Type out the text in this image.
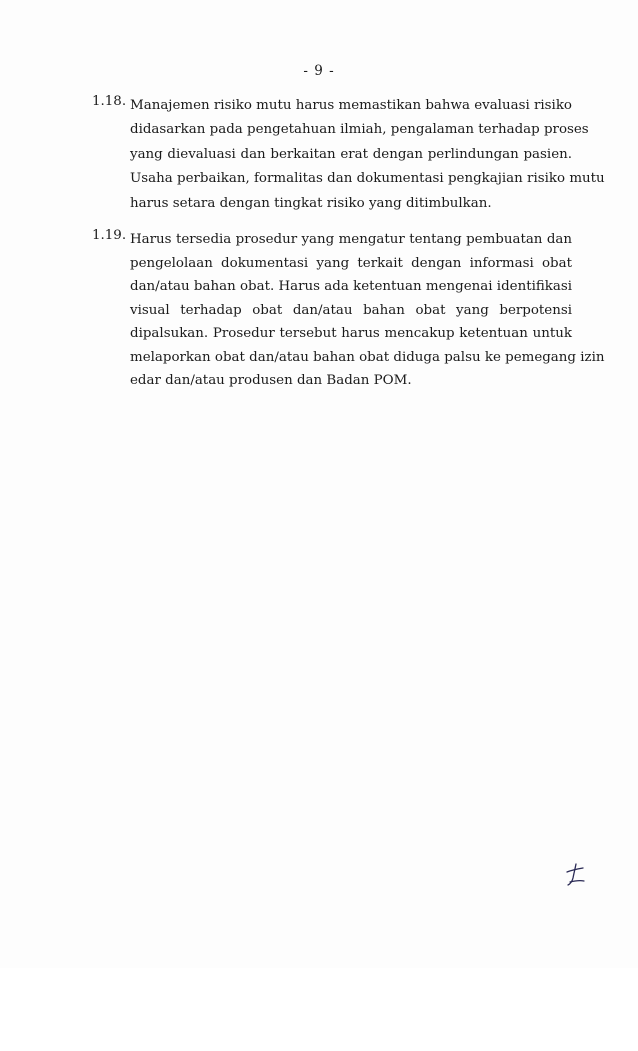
- 9 -
1.18. Manajemen risiko mutu harus memastikan bahwa evaluasi risiko
didasarkan pada pengetahuan ilmiah, pengalaman terhadap proses
yang dievaluasi dan berkaitan erat dengan perlindungan pasien.
Usaha perbaikan, formalitas dan dokumentasi pengkajian risiko mutu
harus setara dengan tingkat risiko yang ditimbulkan.
1.19. Harus tersedia prosedur yang mengatur tentang pembuatan dan
pengelolaan dokumentasi yang terkait dengan informasi obat
dan/atau bahan obat. Harus ada ketentuan mengenai identifikasi
visual terhadap obat dan/atau bahan obat yang berpotensi
dipalsukan. Prosedur tersebut harus mencakup ketentuan untuk
melaporkan obat dan/atau bahan obat diduga palsu ke pemegang izin
edar dan/atau produsen dan Badan POM.
